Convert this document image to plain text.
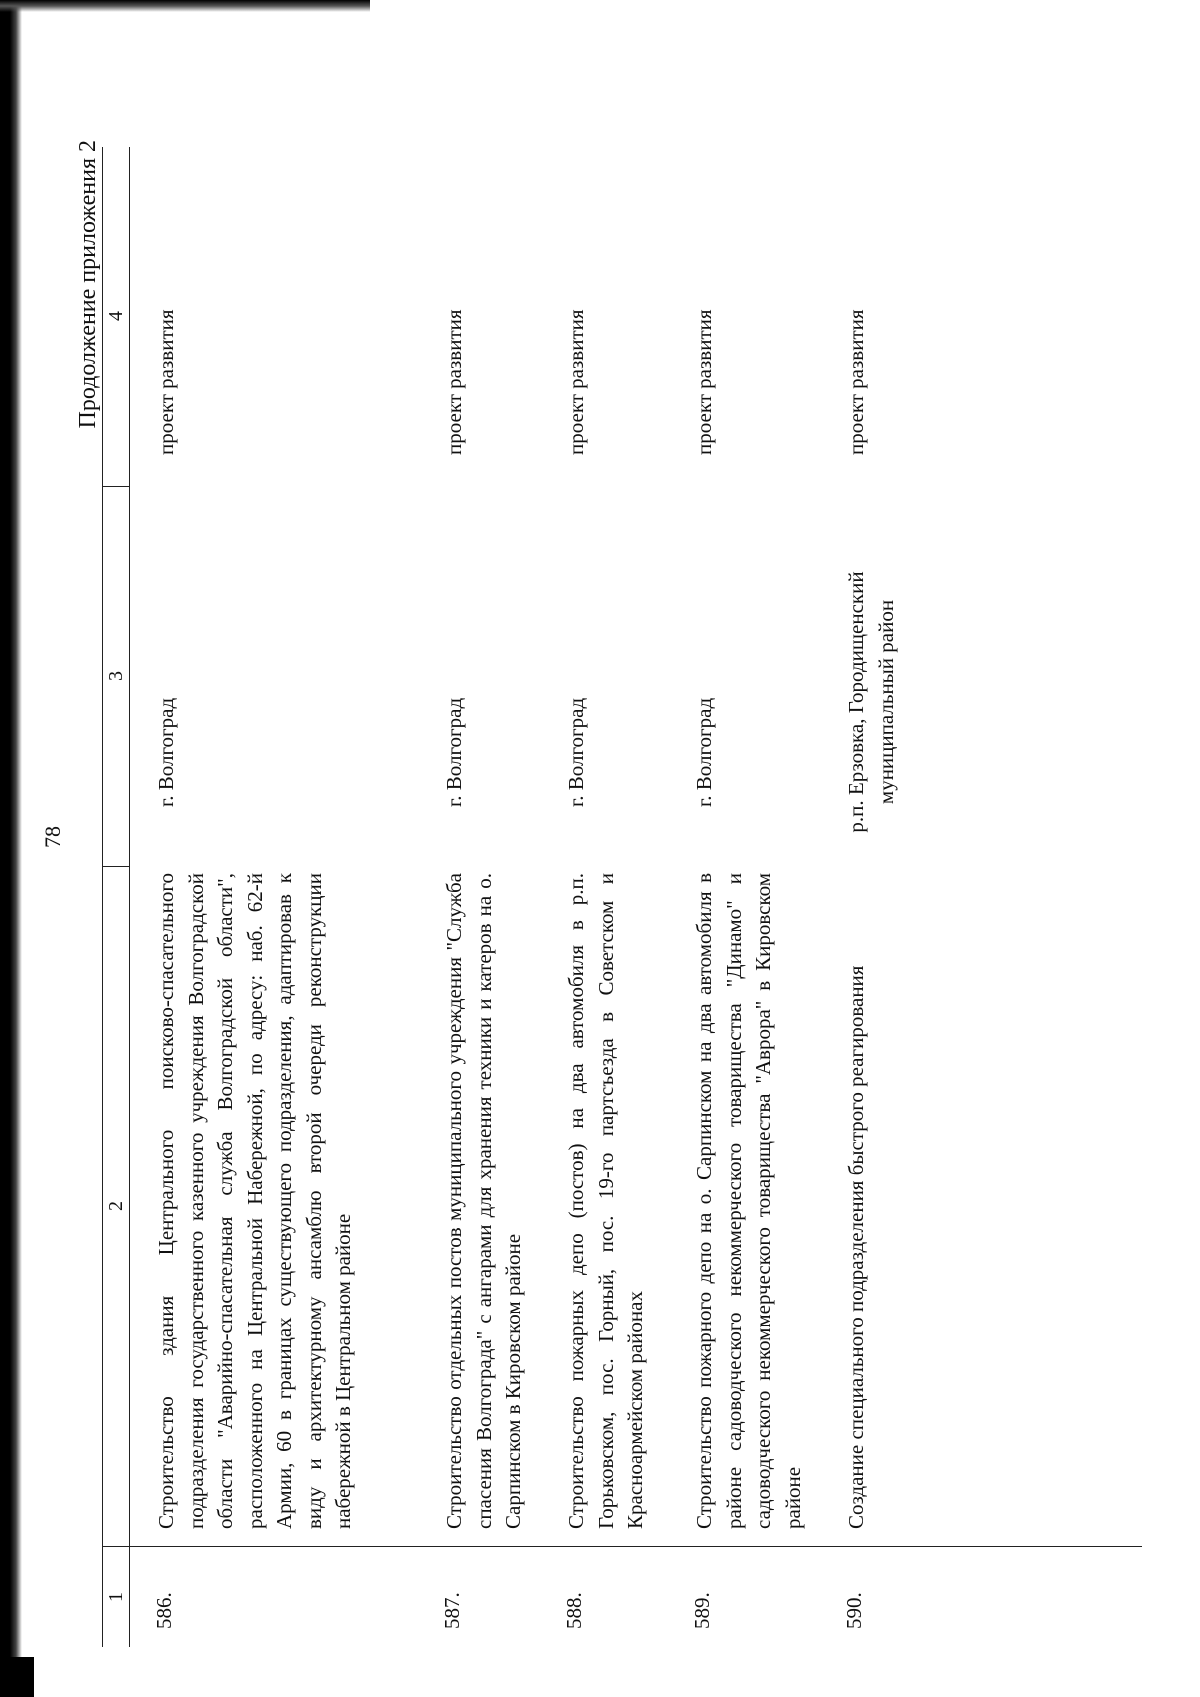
78
Продолжение приложения 2
1
2
3
4
586.
Строительство здания Центрального поисково-спасательного подразделения государственного казенного учреждения Волгоградской области "Аварийно-спасательная служба Волгоградской области", расположенного на Центральной Набережной, по адресу: наб. 62-й Армии, 60 в границах существующего подразделения, адаптировав к виду и архитектурному ансамблю второй очереди реконструкции набережной в Центральном районе
г. Волгоград
проект развития
587.
Строительство отдельных постов муниципального учреждения "Служба спасения Волгограда" с ангарами для хранения техники и катеров на о. Сарпинском в Кировском районе
г. Волгоград
проект развития
588.
Строительство пожарных депо (постов) на два автомобиля в р.п. Горьковском, пос. Горный, пос. 19-го партсъезда в Советском и Красноармейском районах
г. Волгоград
проект развития
589.
Строительство пожарного депо на о. Сарпинском на два автомобиля в районе садоводческого некоммерческого товарищества "Динамо" и садоводческого некоммерческого товарищества "Аврора" в Кировском районе
г. Волгоград
проект развития
590.
Создание специального подразделения быстрого реагирования
р.п. Ерзовка, Городищенский муниципальный район
проект развития
